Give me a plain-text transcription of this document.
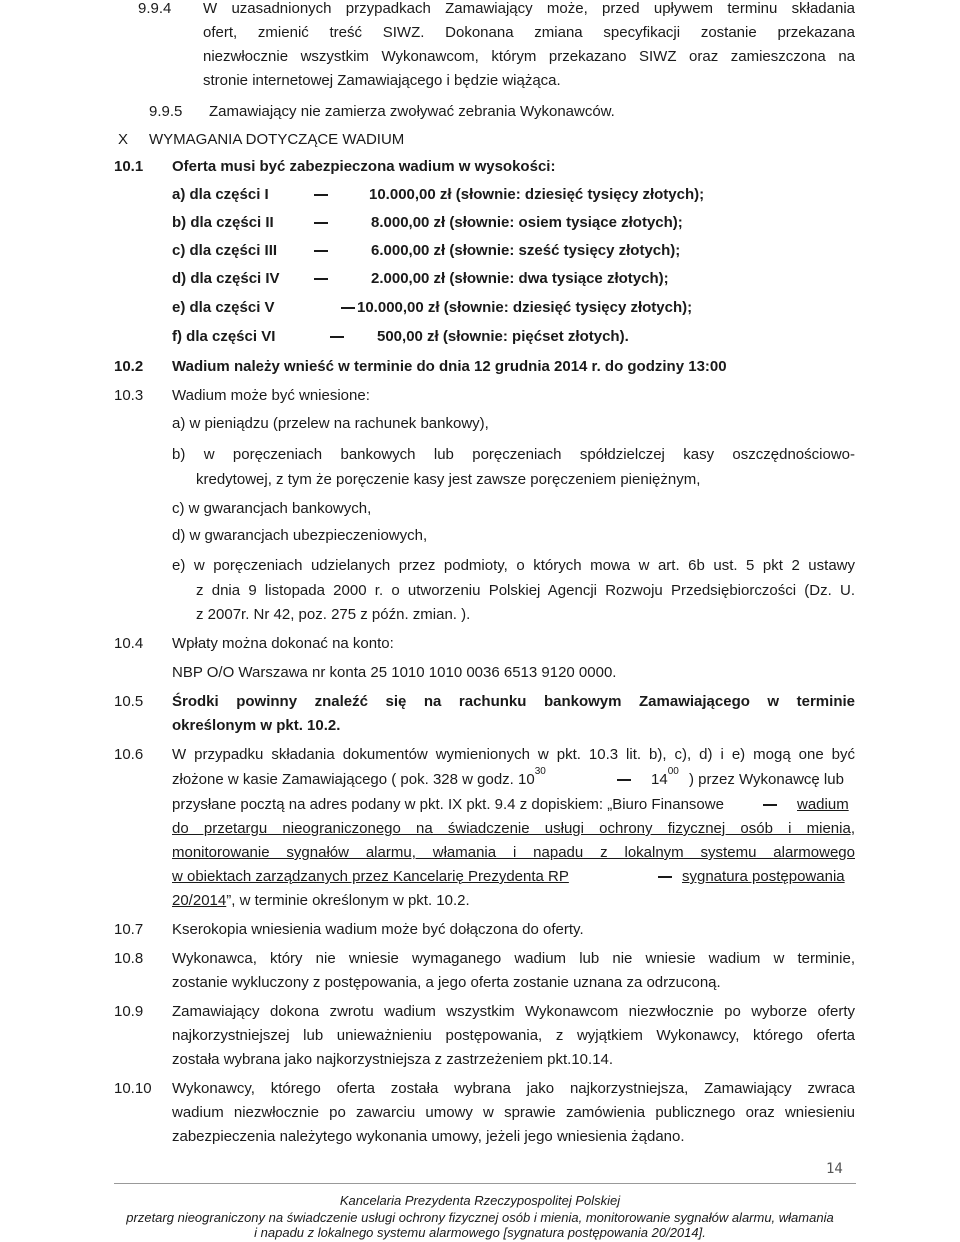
9.9.4 W uzasadnionych przypadkach Zamawiający może, przed upływem terminu składania
ofert, zmienić treść SIWZ. Dokonana zmiana specyfikacji zostanie przekazana
niezwłocznie wszystkim Wykonawcom, którym przekazano SIWZ oraz zamieszczona na
stronie internetowej Zamawiającego i będzie wiążąca.
9.9.5 Zamawiający nie zamierza zwoływać zebrania Wykonawców.
X WYMAGANIA DOTYCZĄCE WADIUM
10.1 Oferta musi być zabezpieczona wadium w wysokości:
a) dla części I	10.000,00 zł (słownie: dziesięć tysięcy złotych);
b) dla części II	8.000,00 zł (słownie: osiem tysiące złotych);
c) dla części III	6.000,00 zł (słownie: sześć tysięcy złotych);
d) dla części IV	2.000,00 zł (słownie: dwa tysiące złotych);
e) dla części V	10.000,00 zł (słownie: dziesięć tysięcy złotych);
f) dla części VI	500,00 zł (słownie: pięćset złotych).
10.2 Wadium należy wnieść w terminie do dnia 12 grudnia 2014 r. do godziny 13:00
10.3 Wadium może być wniesione:
a) w pieniądzu (przelew na rachunek bankowy),
b) w poręczeniach bankowych lub poręczeniach spółdzielczej kasy oszczędnościowo-
kredytowej, z tym że poręczenie kasy jest zawsze poręczeniem pieniężnym,
c) w gwarancjach bankowych,
d) w gwarancjach ubezpieczeniowych,
e) w poręczeniach udzielanych przez podmioty, o których mowa w art. 6b ust. 5 pkt 2 ustawy
z dnia 9 listopada 2000 r. o utworzeniu Polskiej Agencji Rozwoju Przedsiębiorczości (Dz. U.
z 2007r. Nr 42, poz. 275 z późn. zmian. ).
10.4 Wpłaty można dokonać na konto:
NBP O/O Warszawa nr konta 25 1010 1010 0036 6513 9120 0000.
10.5 Środki powinny znaleźć się na rachunku bankowym Zamawiającego w terminie
określonym w pkt. 10.2.
10.6 W przypadku składania dokumentów wymienionych w pkt. 10.3 lit. b), c), d) i e) mogą one być
złożone w kasie Zamawiającego ( pok. 328 w godz. $10^{30}$	$14^{00}$ ) przez Wykonawcę lub
przysłane pocztą na adres podany w pkt. IX pkt. 9.4 z dopiskiem: „Biuro Finansowe	wadium
do przetargu nieograniczonego na świadczenie usługi ochrony fizycznej osób i mienia,
monitorowanie sygnałów alarmu, włamania i napadu z lokalnym systemu alarmowego
w obiektach zarządzanych przez Kancelarię Prezydenta RP	sygnatura postępowania
20/2014”, w terminie określonym w pkt. 10.2.
10.7 Kserokopia wniesienia wadium może być dołączona do oferty.
10.8 Wykonawca, który nie wniesie wymaganego wadium lub nie wniesie wadium w terminie,
zostanie wykluczony z postępowania, a jego oferta zostanie uznana za odrzuconą.
10.9 Zamawiający dokona zwrotu wadium wszystkim Wykonawcom niezwłocznie po wyborze oferty
najkorzystniejszej lub unieważnieniu postępowania, z wyjątkiem Wykonawcy, którego oferta
została wybrana jako najkorzystniejsza z zastrzeżeniem pkt.10.14.
10.10 Wykonawcy, którego oferta została wybrana jako najkorzystniejsza, Zamawiający zwraca
wadium niezwłocznie po zawarciu umowy w sprawie zamówienia publicznego oraz wniesieniu
zabezpieczenia należytego wykonania umowy, jeżeli jego wniesienia żądano.
14
Kancelaria Prezydenta Rzeczypospolitej Polskiej
przetarg nieograniczony na świadczenie usługi ochrony fizycznej osób i mienia, monitorowanie sygnałów alarmu, włamania
i napadu z lokalnego systemu alarmowego [sygnatura postępowania 20/2014].
